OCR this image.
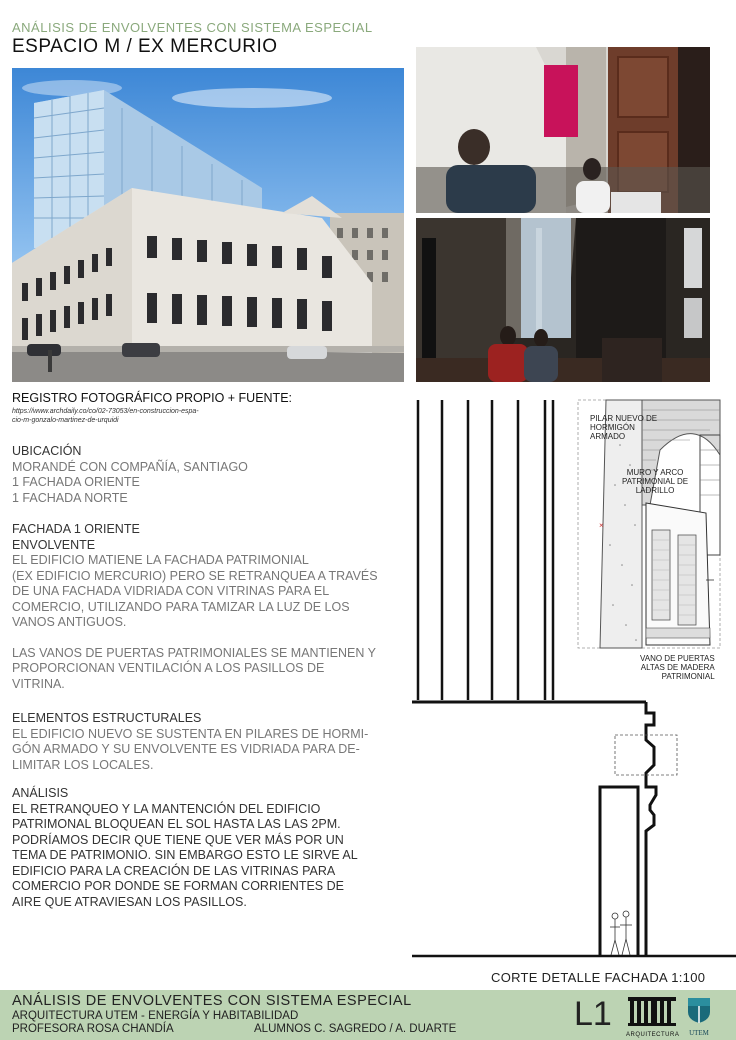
ANÁLISIS DE ENVOLVENTES CON SISTEMA ESPECIAL
ESPACIO M / EX MERCURIO
REGISTRO FOTOGRÁFICO PROPIO + FUENTE:
https://www.archdaily.co/co/02-73053/en-construccion-espa-
cio-m-gonzalo-martinez-de-urquidi
UBICACIÓN
MORANDÉ CON COMPAÑÍA, SANTIAGO
1 FACHADA ORIENTE
1 FACHADA NORTE
FACHADA 1 ORIENTE
ENVOLVENTE
EL EDIFICIO MATIENE LA FACHADA PATRIMONIAL
(EX EDIFICIO MERCURIO) PERO SE RETRANQUEA A TRAVÉS
DE UNA FACHADA VIDRIADA CON VITRINAS PARA EL
COMERCIO, UTILIZANDO PARA TAMIZAR LA LUZ DE LOS
VANOS ANTIGUOS.
LAS VANOS DE PUERTAS PATRIMONIALES SE MANTIENEN Y
PROPORCIONAN VENTILACIÓN A LOS PASILLOS DE
VITRINA.
ELEMENTOS ESTRUCTURALES
EL EDIFICIO NUEVO SE SUSTENTA EN PILARES DE HORMI-
GÓN ARMADO Y SU ENVOLVENTE ES VIDRIADA PARA DE-
LIMITAR LOS LOCALES.
ANÁLISIS
EL RETRANQUEO Y LA MANTENCIÓN DEL EDIFICIO
PATRIMONAL BLOQUEAN EL SOL HASTA LAS LAS 2PM.
PODRÍAMOS DECIR QUE TIENE QUE VER MÁS POR UN
TEMA DE PATRIMONIO. SIN EMBARGO ESTO LE SIRVE AL
EDIFICIO PARA LA CREACIÓN DE LAS VITRINAS PARA
COMERCIO POR DONDE SE FORMAN CORRIENTES DE
AIRE QUE ATRAVIESAN LOS PASILLOS.
×
PILAR NUEVO DE
HORMIGÓN
ARMADO
MURO Y ARCO
PATRIMONIAL DE
LADRILLO
VANO DE PUERTAS
ALTAS DE MADERA
PATRIMONIAL
CORTE DETALLE FACHADA 1:100
ANÁLISIS DE ENVOLVENTES CON SISTEMA ESPECIAL
ARQUITECTURA UTEM - ENERGÍA Y HABITABILIDAD
PROFESORA ROSA CHANDÍA	ALUMNOS C. SAGREDO / A. DUARTE	L1
ARQUITECTURA	UTEM
